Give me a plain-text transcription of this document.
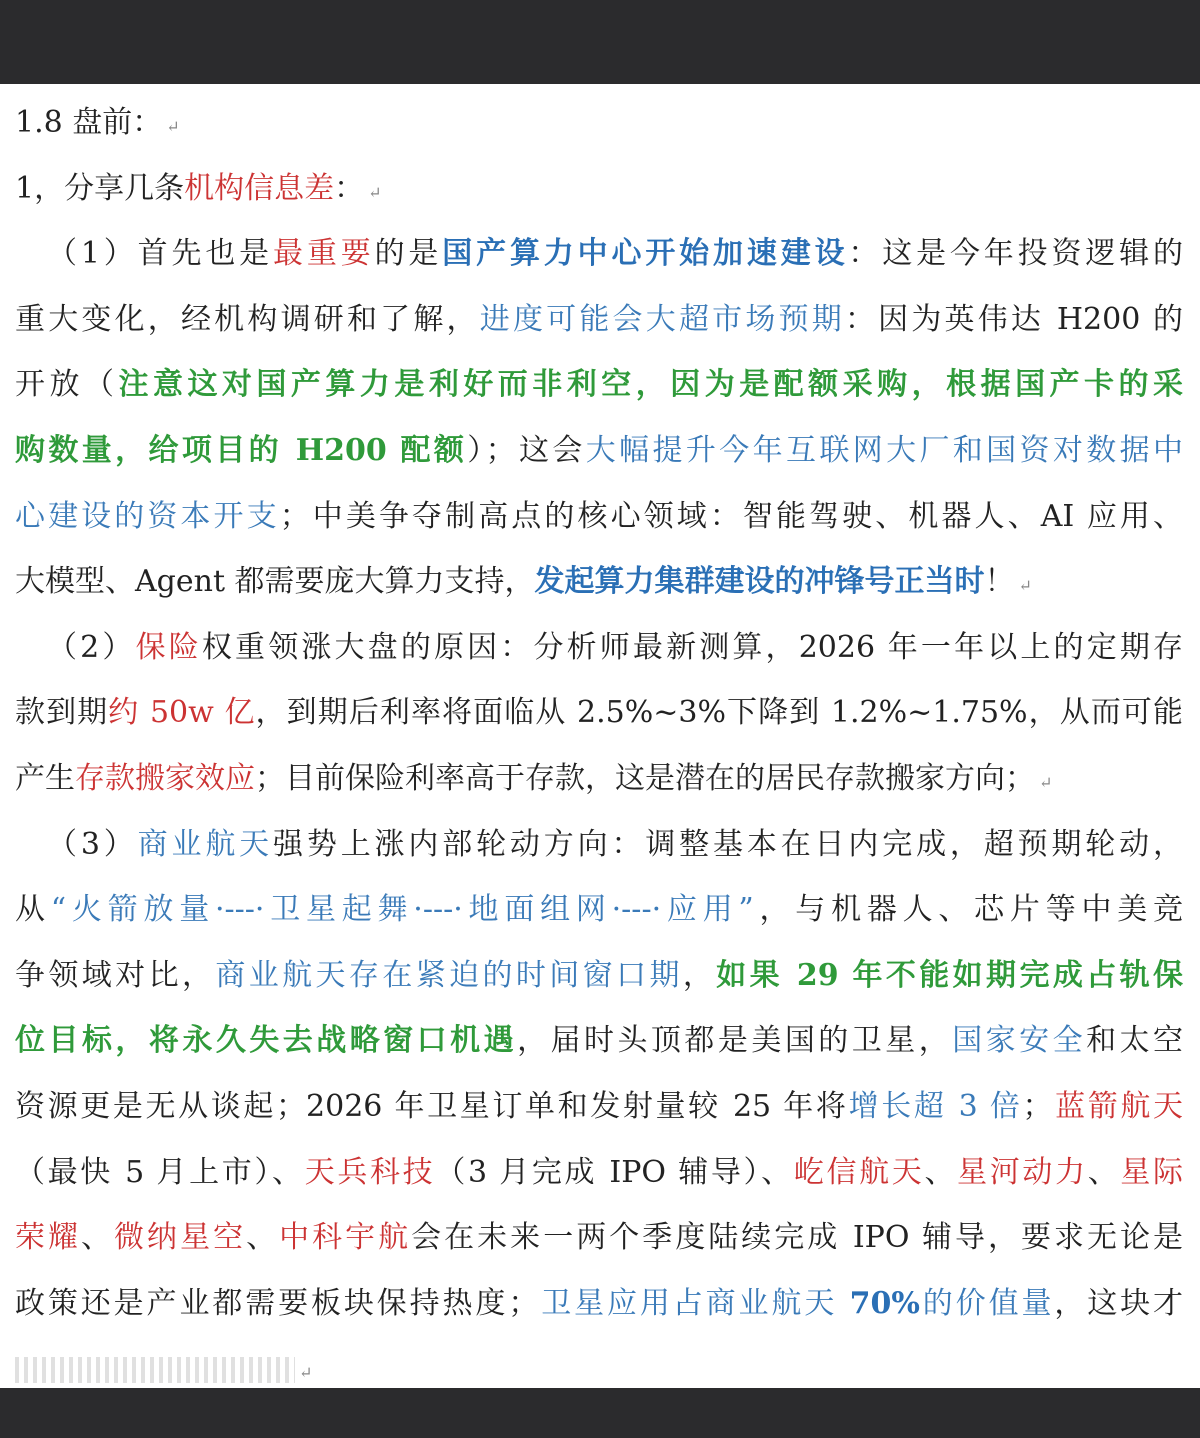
1.8 盘前： ↵
1，分享几条机构信息差： ↵
（1）首先也是最重要的是国产算力中心开始加速建设：这是今年投资逻辑的
重大变化，经机构调研和了解，进度可能会大超市场预期：因为英伟达 H200 的
开放（注意这对国产算力是利好而非利空，因为是配额采购，根据国产卡的采
购数量，给项目的 H200 配额）；这会大幅提升今年互联网大厂和国资对数据中
心建设的资本开支；中美争夺制高点的核心领域：智能驾驶、机器人、AI 应用、
大模型、Agent 都需要庞大算力支持，发起算力集群建设的冲锋号正当时！ ↵
（2）保险权重领涨大盘的原因：分析师最新测算，2026 年一年以上的定期存
款到期约 50w 亿，到期后利率将面临从 2.5%~3%下降到 1.2%~1.75%，从而可能
产生存款搬家效应；目前保险利率高于存款，这是潜在的居民存款搬家方向； ↵
（3）商业航天强势上涨内部轮动方向：调整基本在日内完成，超预期轮动，
从“火箭放量·---·卫星起舞·---·地面组网·---·应用”，与机器人、芯片等中美竞
争领域对比，商业航天存在紧迫的时间窗口期，如果 29 年不能如期完成占轨保
位目标，将永久失去战略窗口机遇，届时头顶都是美国的卫星，国家安全和太空
资源更是无从谈起；2026 年卫星订单和发射量较 25 年将增长超 3 倍；蓝箭航天
（最快 5 月上市）、天兵科技（3 月完成 IPO 辅导）、屹信航天、星河动力、星际
荣耀、微纳星空、中科宇航会在未来一两个季度陆续完成 IPO 辅导，要求无论是
政策还是产业都需要板块保持热度；卫星应用占商业航天 70%的价值量，这块才
↵
